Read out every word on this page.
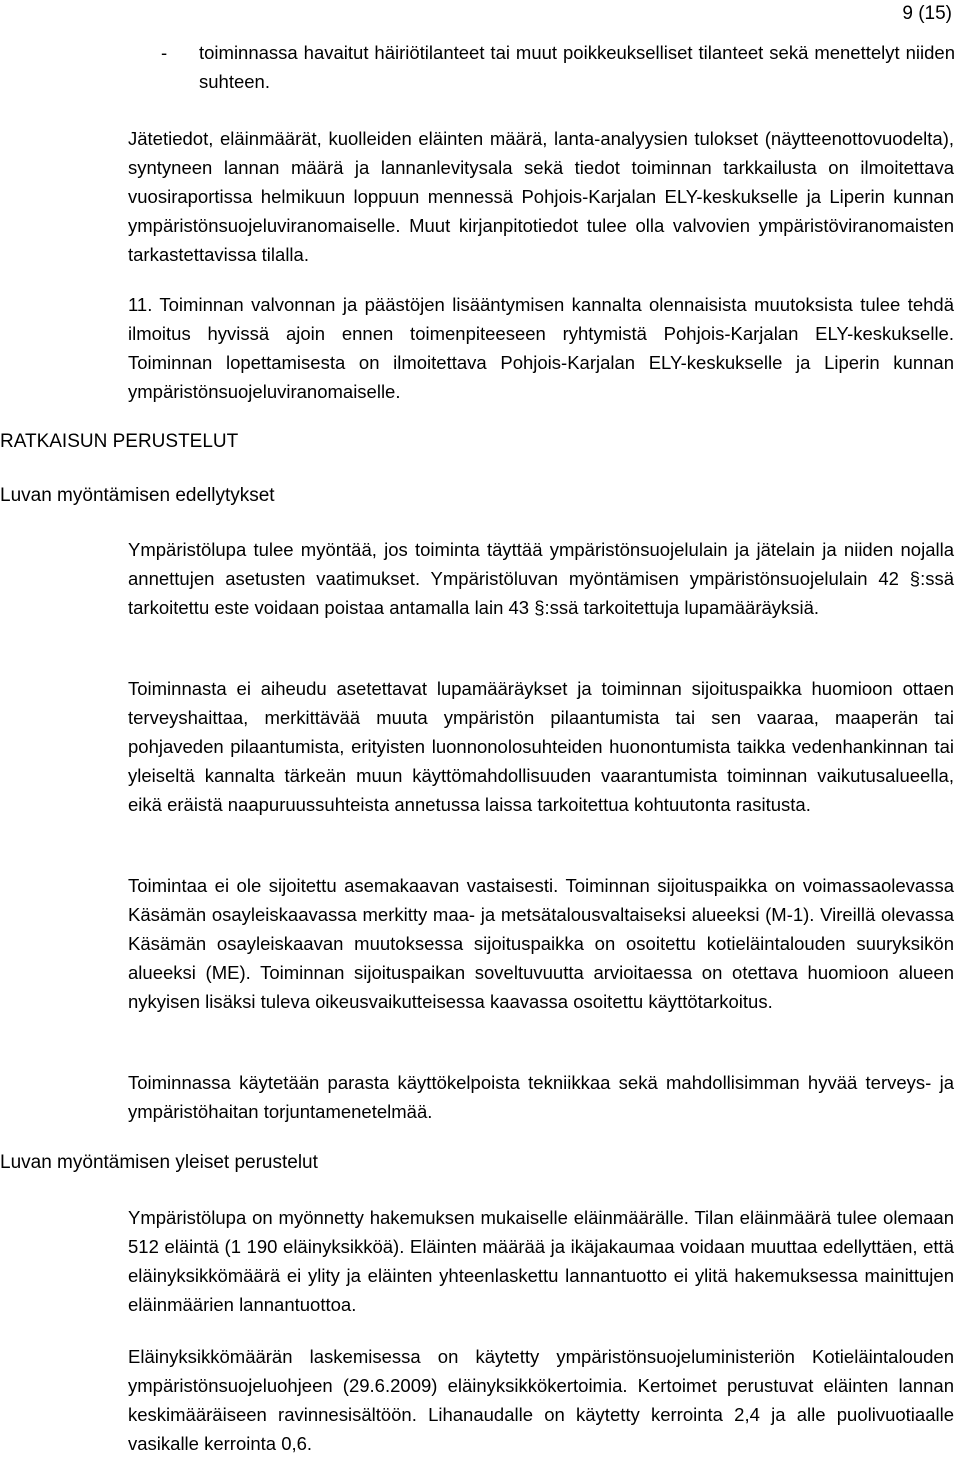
9 (15)
- toiminnassa havaitut häiriötilanteet tai muut poikkeukselliset tilanteet sekä menettelyt niiden suhteen.

Jätetiedot, eläinmäärät, kuolleiden eläinten määrä, lanta-analyysien tulokset (näytteenottovuodelta), syntyneen lannan määrä ja lannanlevitysala sekä tiedot toiminnan tarkkailusta on ilmoitettava vuosiraportissa helmikuun loppuun mennessä Pohjois-Karjalan ELY-keskukselle ja Liperin kunnan ympäristönsuojeluviranomaiselle. Muut kirjanpitotiedot tulee olla valvovien ympäristöviranomaisten tarkastettavissa tilalla.

11. Toiminnan valvonnan ja päästöjen lisääntymisen kannalta olennaisista muutoksista tulee tehdä ilmoitus hyvissä ajoin ennen toimenpiteeseen ryhtymistä Pohjois-Karjalan ELY-keskukselle. Toiminnan lopettamisesta on ilmoitettava Pohjois-Karjalan ELY-keskukselle ja Liperin kunnan ympäristönsuojeluviranomaiselle.

RATKAISUN PERUSTELUT
Luvan myöntämisen edellytykset

Ympäristölupa tulee myöntää, jos toiminta täyttää ympäristönsuojelulain ja jätelain ja niiden nojalla annettujen asetusten vaatimukset. Ympäristöluvan myöntämisen ympäristönsuojelulain 42 §:ssä tarkoitettu este voidaan poistaa antamalla lain 43 §:ssä tarkoitettuja lupamääräyksiä.

Toiminnasta ei aiheudu asetettavat lupamääräykset ja toiminnan sijoituspaikka huomioon ottaen terveyshaittaa, merkittävää muuta ympäristön pilaantumista tai sen vaaraa, maaperän tai pohjaveden pilaantumista, erityisten luonnonolosuhteiden huonontumista taikka vedenhankinnan tai yleiseltä kannalta tärkeän muun käyttömahdollisuuden vaarantumista toiminnan vaikutusalueella, eikä eräistä naapuruussuhteista annetussa laissa tarkoitettua kohtuutonta rasitusta.

Toimintaa ei ole sijoitettu asemakaavan vastaisesti. Toiminnan sijoituspaikka on voimassaolevassa Käsämän osayleiskaavassa merkitty maa- ja metsätalousvaltaiseksi alueeksi (M-1). Vireillä olevassa Käsämän osayleiskaavan muutoksessa sijoituspaikka on osoitettu kotieläintalouden suuryksikön alueeksi (ME). Toiminnan sijoituspaikan soveltuvuutta arvioitaessa on otettava huomioon alueen nykyisen lisäksi tuleva oikeusvaikutteisessa kaavassa osoitettu käyttötarkoitus.

Toiminnassa käytetään parasta käyttökelpoista tekniikkaa sekä mahdollisimman hyvää terveys- ja ympäristöhaitan torjuntamenetelmää.

Luvan myöntämisen yleiset perustelut

Ympäristölupa on myönnetty hakemuksen mukaiselle eläinmäärälle. Tilan eläinmäärä tulee olemaan 512 eläintä (1 190 eläinyksikköä). Eläinten määrää ja ikäjakaumaa voidaan muuttaa edellyttäen, että eläinyksikkömäärä ei ylity ja eläinten yhteenlaskettu lannantuotto ei ylitä hakemuksessa mainittujen eläinmäärien lannantuottoa.

Eläinyksikkömäärän laskemisessa on käytetty ympäristönsuojeluministeriön Kotieläintalouden ympäristönsuojeluohjeen (29.6.2009) eläinyksikkökertoimia. Kertoimet perustuvat eläinten lannan keskimääräiseen ravinnesisältöön. Lihanaudalle on käytetty kerrointa 2,4 ja alle puolivuotiaalle vasikalle kerrointa 0,6.
